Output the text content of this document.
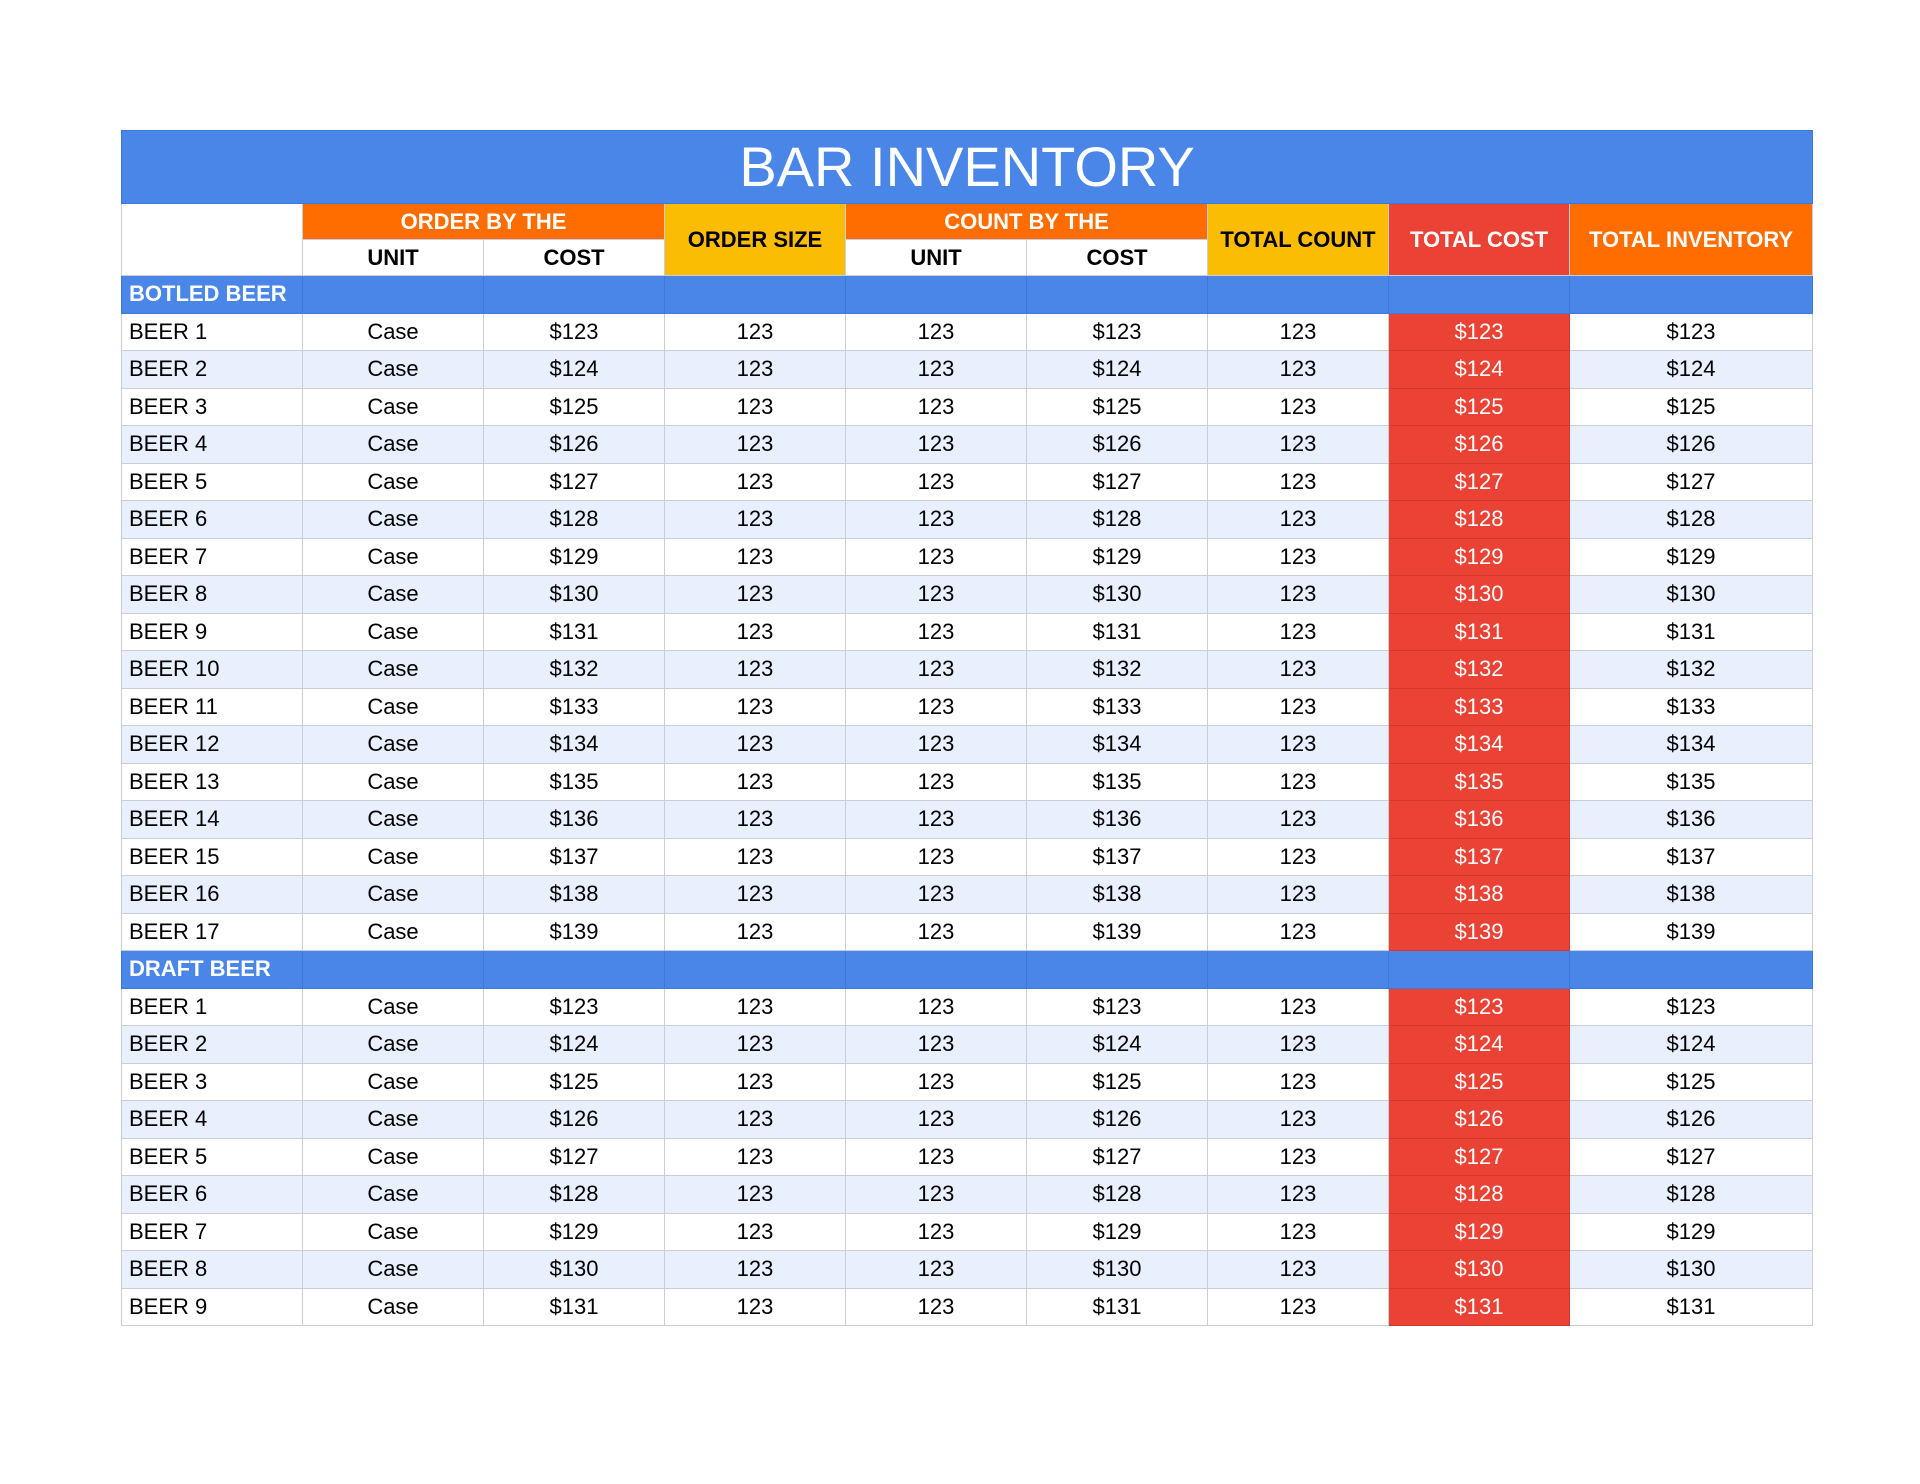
BAR INVENTORY								
	ORDER BY THE		ORDER SIZE	COUNT BY THE		TOTAL COUNT	TOTAL COST	TOTAL INVENTORY
	UNIT	COST		UNIT	COST			
BOTLED BEER								
BEER 1	Case	$123	123	123	$123	123	$123	$123
BEER 2	Case	$124	123	123	$124	123	$124	$124
BEER 3	Case	$125	123	123	$125	123	$125	$125
BEER 4	Case	$126	123	123	$126	123	$126	$126
BEER 5	Case	$127	123	123	$127	123	$127	$127
BEER 6	Case	$128	123	123	$128	123	$128	$128
BEER 7	Case	$129	123	123	$129	123	$129	$129
BEER 8	Case	$130	123	123	$130	123	$130	$130
BEER 9	Case	$131	123	123	$131	123	$131	$131
BEER 10	Case	$132	123	123	$132	123	$132	$132
BEER 11	Case	$133	123	123	$133	123	$133	$133
BEER 12	Case	$134	123	123	$134	123	$134	$134
BEER 13	Case	$135	123	123	$135	123	$135	$135
BEER 14	Case	$136	123	123	$136	123	$136	$136
BEER 15	Case	$137	123	123	$137	123	$137	$137
BEER 16	Case	$138	123	123	$138	123	$138	$138
BEER 17	Case	$139	123	123	$139	123	$139	$139
DRAFT BEER								
BEER 1	Case	$123	123	123	$123	123	$123	$123
BEER 2	Case	$124	123	123	$124	123	$124	$124
BEER 3	Case	$125	123	123	$125	123	$125	$125
BEER 4	Case	$126	123	123	$126	123	$126	$126
BEER 5	Case	$127	123	123	$127	123	$127	$127
BEER 6	Case	$128	123	123	$128	123	$128	$128
BEER 7	Case	$129	123	123	$129	123	$129	$129
BEER 8	Case	$130	123	123	$130	123	$130	$130
BEER 9	Case	$131	123	123	$131	123	$131	$131
